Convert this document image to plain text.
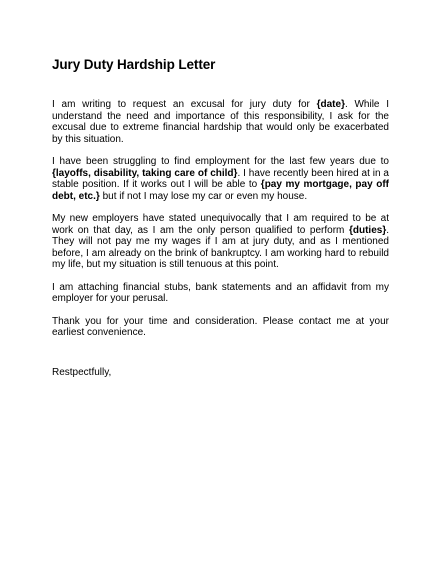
Jury Duty Hardship Letter

I am writing to request an excusal for jury duty for {date}. While I understand the need and importance of this responsibility, I ask for the excusal due to extreme financial hardship that would only be exacerbated by this situation.

I have been struggling to find employment for the last few years due to {layoffs, disability, taking care of child}. I have recently been hired at in a stable position. If it works out I will be able to {pay my mortgage, pay off debt, etc.} but if not I may lose my car or even my house.

My new employers have stated unequivocally that I am required to be at work on that day, as I am the only person qualified to perform {duties}. They will not pay me my wages if I am at jury duty, and as I mentioned before, I am already on the brink of bankruptcy. I am working hard to rebuild my life, but my situation is still tenuous at this point.

I am attaching financial stubs, bank statements and an affidavit from my employer for your perusal.

Thank you for your time and consideration. Please contact me at your earliest convenience.

Restpectfully,
